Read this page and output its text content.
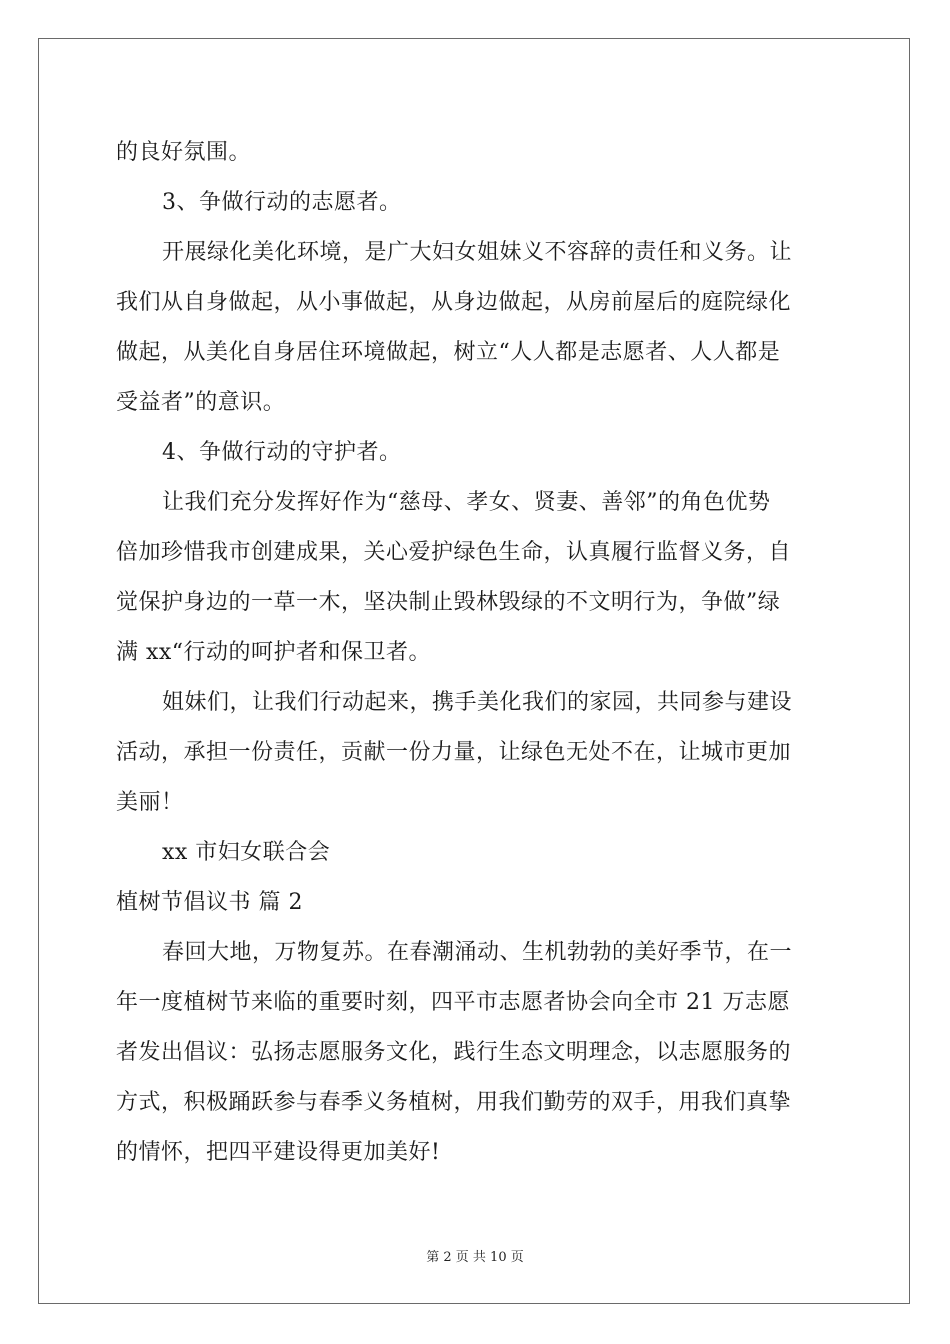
的良好氛围。
3、争做行动的志愿者。
开展绿化美化环境，是广大妇女姐妹义不容辞的责任和义务。让
我们从自身做起，从小事做起，从身边做起，从房前屋后的庭院绿化
做起，从美化自身居住环境做起，树立“人人都是志愿者、人人都是
受益者”的意识。
4、争做行动的守护者。
让我们充分发挥好作为“慈母、孝女、贤妻、善邻”的角色优势
倍加珍惜我市创建成果，关心爱护绿色生命，认真履行监督义务，自
觉保护身边的一草一木，坚决制止毁林毁绿的不文明行为，争做”绿
满 xx“行动的呵护者和保卫者。
姐妹们，让我们行动起来，携手美化我们的家园，共同参与建设
活动，承担一份责任，贡献一份力量，让绿色无处不在，让城市更加
美丽！
xx 市妇女联合会
植树节倡议书 篇 2
春回大地，万物复苏。在春潮涌动、生机勃勃的美好季节，在一
年一度植树节来临的重要时刻，四平市志愿者协会向全市 21 万志愿
者发出倡议：弘扬志愿服务文化，践行生态文明理念，以志愿服务的
方式，积极踊跃参与春季义务植树，用我们勤劳的双手，用我们真挚
的情怀，把四平建设得更加美好!
第 2 页 共 10 页
